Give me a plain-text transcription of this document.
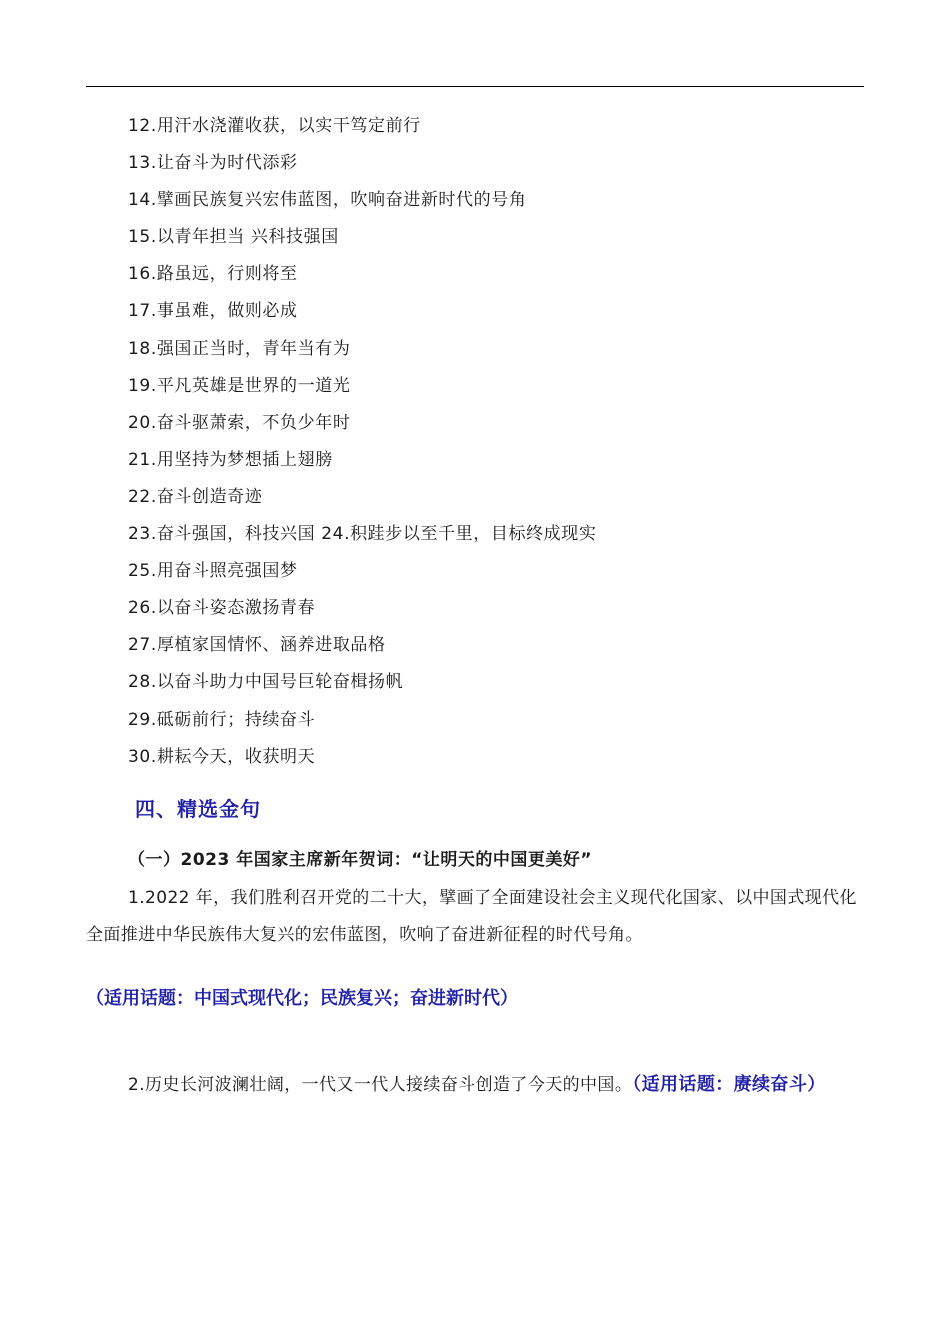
12.用汗水浇灌收获，以实干笃定前行
13.让奋斗为时代添彩
14.擘画民族复兴宏伟蓝图，吹响奋进新时代的号角
15.以青年担当 兴科技强国
16.路虽远，行则将至
17.事虽难，做则必成
18.强国正当时，青年当有为
19.平凡英雄是世界的一道光
20.奋斗驱萧索，不负少年时
21.用坚持为梦想插上翅膀
22.奋斗创造奇迹
23.奋斗强国，科技兴国 24.积跬步以至千里，目标终成现实
25.用奋斗照亮强国梦
26.以奋斗姿态激扬青春
27.厚植家国情怀、涵养进取品格
28.以奋斗助力中国号巨轮奋楫扬帆
29.砥砺前行；持续奋斗
30.耕耘今天，收获明天
四、精选金句
（一）2023 年国家主席新年贺词：“让明天的中国更美好”

1.2022 年，我们胜利召开党的二十大，擘画了全面建设社会主义现代化国家、以中国式现代化全面推进中华民族伟大复兴的宏伟蓝图，吹响了奋进新征程的时代号角。

（适用话题：中国式现代化；民族复兴；奋进新时代）

2.历史长河波澜壮阔，一代又一代人接续奋斗创造了今天的中国。（适用话题：赓续奋斗）
